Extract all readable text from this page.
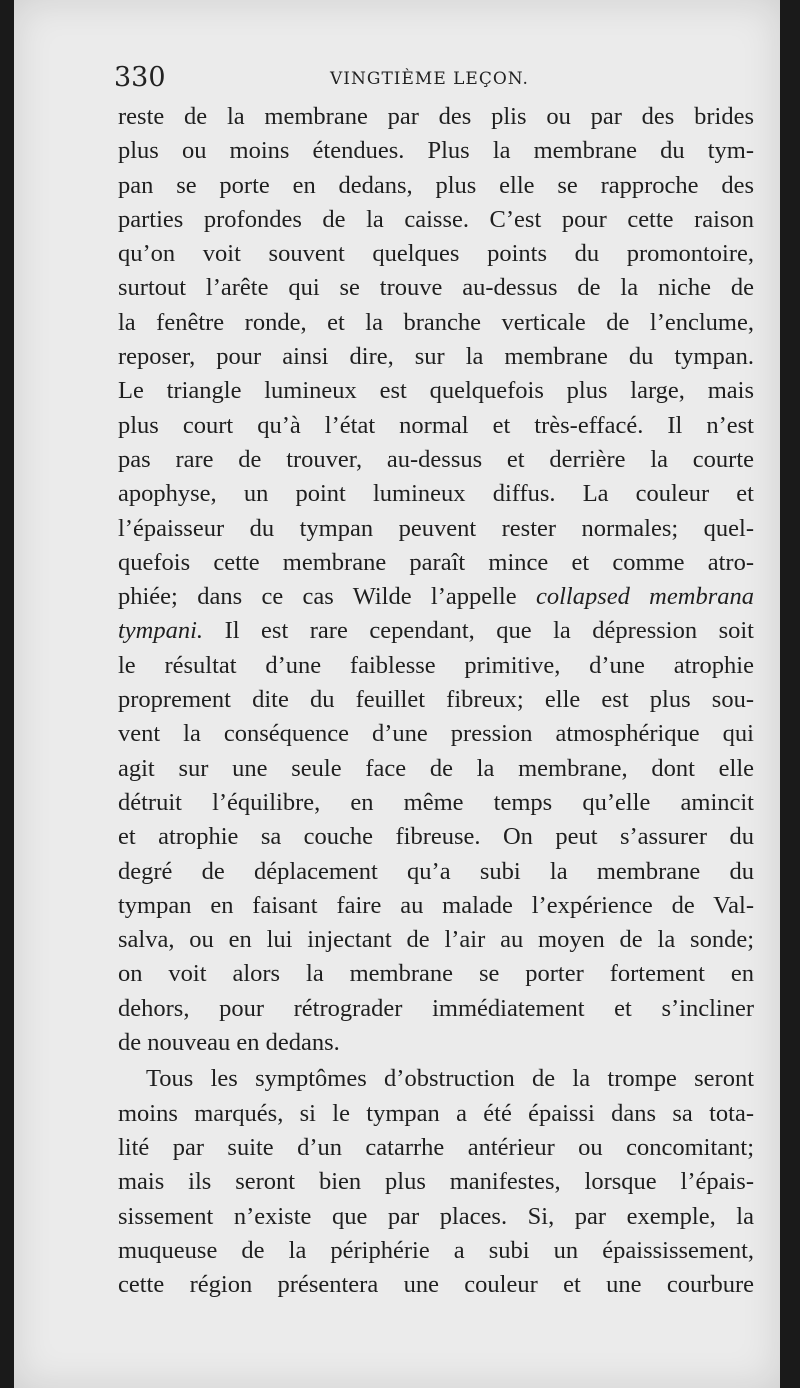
330	VINGTIÈME LEÇON.
reste de la membrane par des plis ou par des brides
plus ou moins étendues. Plus la membrane du tym-
pan se porte en dedans, plus elle se rapproche des
parties profondes de la caisse. C’est pour cette raison
qu’on voit souvent quelques points du promontoire,
surtout l’arête qui se trouve au-dessus de la niche de
la fenêtre ronde, et la branche verticale de l’enclume,
reposer, pour ainsi dire, sur la membrane du tympan.
Le triangle lumineux est quelquefois plus large, mais
plus court qu’à l’état normal et très-effacé. Il n’est
pas rare de trouver, au-dessus et derrière la courte
apophyse, un point lumineux diffus. La couleur et
l’épaisseur du tympan peuvent rester normales; quel-
quefois cette membrane paraît mince et comme atro-
phiée; dans ce cas Wilde l’appelle collapsed membrana
tympani. Il est rare cependant, que la dépression soit
le résultat d’une faiblesse primitive, d’une atrophie
proprement dite du feuillet fibreux; elle est plus sou-
vent la conséquence d’une pression atmosphérique qui
agit sur une seule face de la membrane, dont elle
détruit l’équilibre, en même temps qu’elle amincit
et atrophie sa couche fibreuse. On peut s’assurer du
degré de déplacement qu’a subi la membrane du
tympan en faisant faire au malade l’expérience de Val-
salva, ou en lui injectant de l’air au moyen de la sonde;
on voit alors la membrane se porter fortement en
dehors, pour rétrograder immédiatement et s’incliner
de nouveau en dedans.
Tous les symptômes d’obstruction de la trompe seront
moins marqués, si le tympan a été épaissi dans sa tota-
lité par suite d’un catarrhe antérieur ou concomitant;
mais ils seront bien plus manifestes, lorsque l’épais-
sissement n’existe que par places. Si, par exemple, la
muqueuse de la périphérie a subi un épaississement,
cette région présentera une couleur et une courbure
